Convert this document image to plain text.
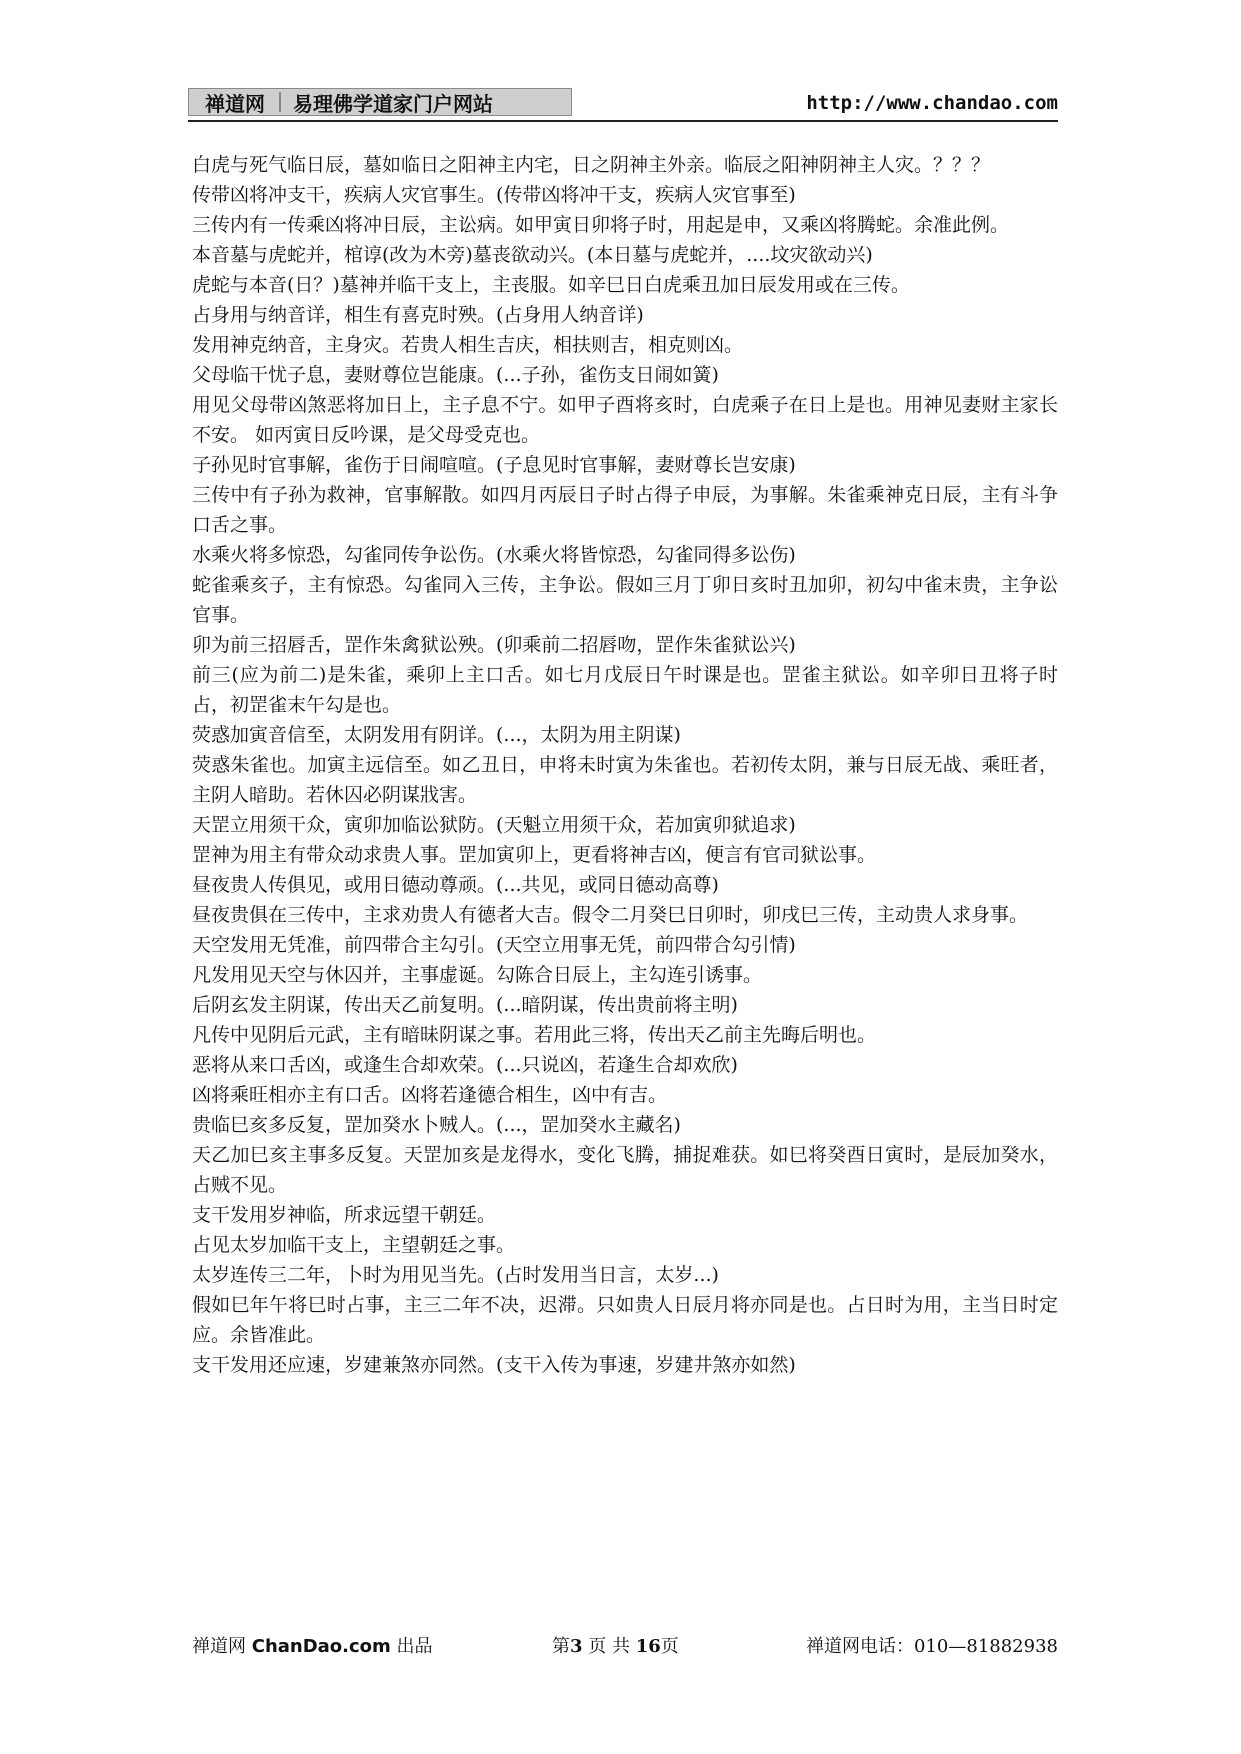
禅道网	易理佛学道家门户网站	http://www.chandao.com

白虎与死气临日辰，墓如临日之阳神主内宅，日之阴神主外亲。临辰之阳神阴神主人灾。？？？

传带凶将冲支干，疾病人灾官事生。(传带凶将冲干支，疾病人灾官事至)

三传内有一传乘凶将冲日辰，主讼病。如甲寅日卯将子时，用起是申，又乘凶将腾蛇。余准此例。

本音墓与虎蛇并，棺谆(改为木旁)墓丧欲动兴。(本日墓与虎蛇并，....坟灾欲动兴)

虎蛇与本音(日？)墓神并临干支上，主丧服。如辛巳日白虎乘丑加日辰发用或在三传。

占身用与纳音详，相生有喜克时殃。(占身用人纳音详)

发用神克纳音，主身灾。若贵人相生吉庆，相扶则吉，相克则凶。

父母临干忧子息，妻财尊位岂能康。(...子孙，雀伤支日闹如簧)

用见父母带凶煞恶将加日上，主子息不宁。如甲子酉将亥时，白虎乘子在日上是也。用神见妻财主家长不安。 如丙寅日反吟课，是父母受克也。

子孙见时官事解，雀伤于日闹喧喧。(子息见时官事解，妻财尊长岂安康)

三传中有子孙为救神，官事解散。如四月丙辰日子时占得子申辰，为事解。朱雀乘神克日辰，主有斗争口舌之事。

水乘火将多惊恐，勾雀同传争讼伤。(水乘火将皆惊恐，勾雀同得多讼伤)

蛇雀乘亥子，主有惊恐。勾雀同入三传，主争讼。假如三月丁卯日亥时丑加卯，初勾中雀末贵，主争讼官事。

卯为前三招唇舌，罡作朱禽狱讼殃。(卯乘前二招唇吻，罡作朱雀狱讼兴)

前三(应为前二)是朱雀，乘卯上主口舌。如七月戊辰日午时课是也。罡雀主狱讼。如辛卯日丑将子时占，初罡雀末午勾是也。

荧惑加寅音信至，太阴发用有阴详。(...，太阴为用主阴谋)

荧惑朱雀也。加寅主远信至。如乙丑日，申将未时寅为朱雀也。若初传太阴，兼与日辰无战、乘旺者，主阴人暗助。若休囚必阴谋戕害。

天罡立用须干众，寅卯加临讼狱防。(天魁立用须干众，若加寅卯狱追求)

罡神为用主有带众动求贵人事。罡加寅卯上，更看将神吉凶，便言有官司狱讼事。

昼夜贵人传俱见，或用日德动尊顽。(...共见，或同日德动高尊)

昼夜贵俱在三传中，主求劝贵人有德者大吉。假令二月癸巳日卯时，卯戌巳三传，主动贵人求身事。

天空发用无凭准，前四带合主勾引。(天空立用事无凭，前四带合勾引情)

凡发用见天空与休囚并，主事虚诞。勾陈合日辰上，主勾连引诱事。

后阴玄发主阴谋，传出天乙前复明。(...暗阴谋，传出贵前将主明)

凡传中见阴后元武，主有暗昧阴谋之事。若用此三将，传出天乙前主先晦后明也。

恶将从来口舌凶，或逢生合却欢荣。(...只说凶，若逢生合却欢欣)

凶将乘旺相亦主有口舌。凶将若逢德合相生，凶中有吉。

贵临巳亥多反复，罡加癸水卜贼人。(...，罡加癸水主藏名)

天乙加巳亥主事多反复。天罡加亥是龙得水，变化飞腾，捕捉难获。如巳将癸酉日寅时，是辰加癸水，占贼不见。

支干发用岁神临，所求远望干朝廷。

占见太岁加临干支上，主望朝廷之事。

太岁连传三二年，卜时为用见当先。(占时发用当日言，太岁...)

假如巳年午将巳时占事，主三二年不决，迟滞。只如贵人日辰月将亦同是也。占日时为用，主当日时定应。余皆准此。

支干发用还应速，岁建兼煞亦同然。(支干入传为事速，岁建井煞亦如然)

禅道网 ChanDao.com 出品	第3 页 共 16页	禅道网电话：010—81882938
